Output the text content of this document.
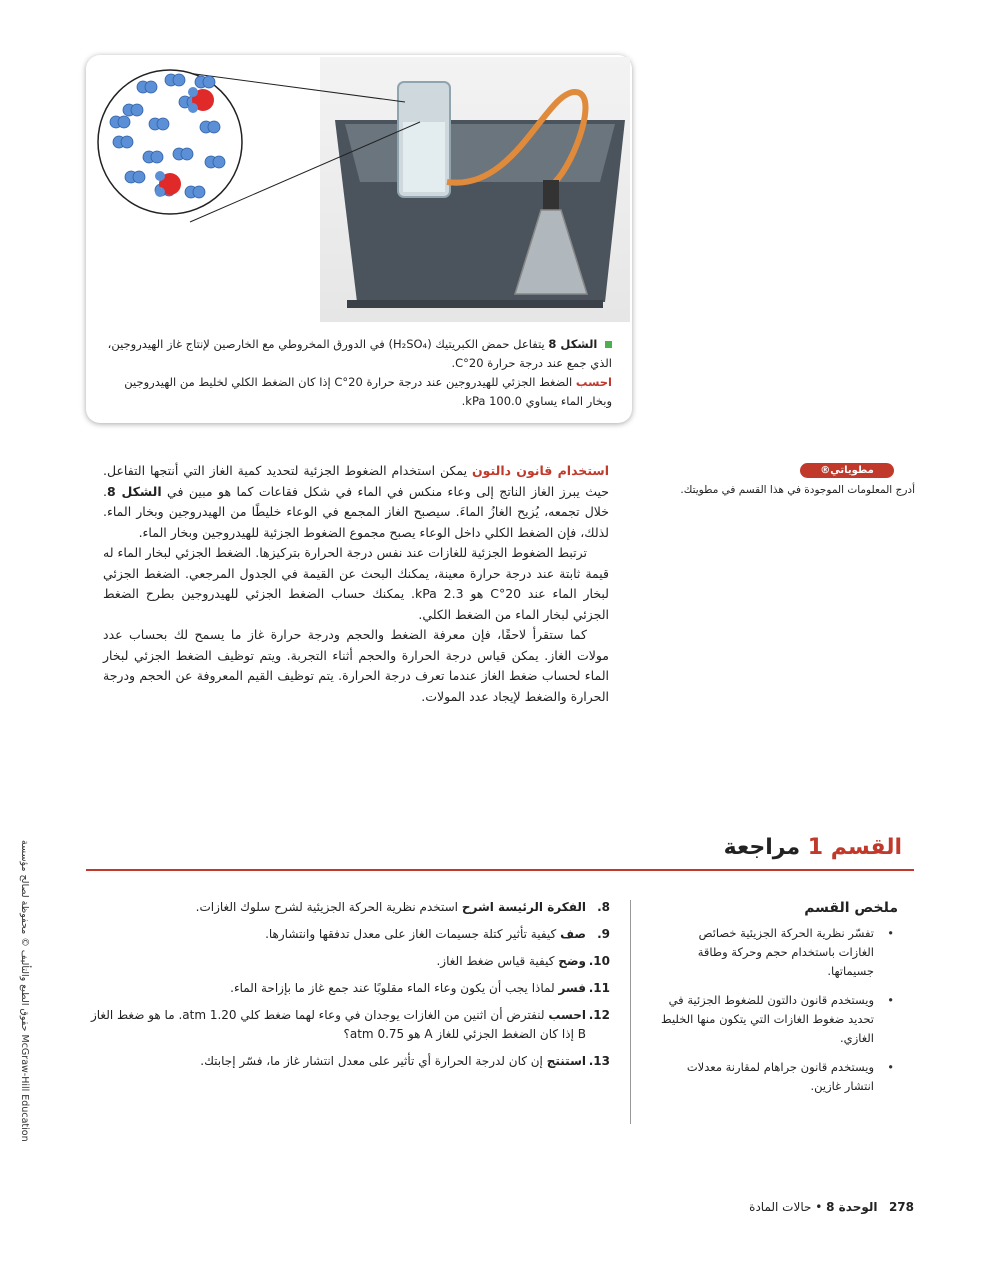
الشكل 8 يتفاعل حمض الكبريتيك (H₂SO₄) في الدورق المخروطي مع الخارصين لإنتاج غاز الهيدروجين، الذي جمع عند درجة حرارة 20°C.
احسب الضغط الجزئي للهيدروجين عند درجة حرارة 20°C إذا كان الضغط الكلي لخليط من الهيدروجين وبخار الماء يساوي 100.0 kPa.
مطوياتي®
أدرج المعلومات الموجودة في هذا القسم في مطويتك.

استخدام قانون دالتون يمكن استخدام الضغوط الجزئية لتحديد كمية الغاز التي أنتجها التفاعل. حيث يبرز الغاز الناتج إلى وعاء منكس في الماء في شكل فقاعات كما هو مبين في الشكل 8. خلال تجمعه، يُزيح الغازُ الماءَ. سيصبح الغاز المجمع في الوعاء خليطًا من الهيدروجين وبخار الماء. لذلك، فإن الضغط الكلي داخل الوعاء يصبح مجموع الضغوط الجزئية للهيدروجين وبخار الماء.

ترتبط الضغوط الجزئية للغازات عند نفس درجة الحرارة بتركيزها. الضغط الجزئي لبخار الماء له قيمة ثابتة عند درجة حرارة معينة، يمكنك البحث عن القيمة في الجدول المرجعي. الضغط الجزئي لبخار الماء عند 20°C هو 2.3 kPa. يمكنك حساب الضغط الجزئي للهيدروجين بطرح الضغط الجزئي لبخار الماء من الضغط الكلي.

كما ستقرأ لاحقًا، فإن معرفة الضغط والحجم ودرجة حرارة غاز ما يسمح لك بحساب عدد مولات الغاز. يمكن قياس درجة الحرارة والحجم أثناء التجربة. ويتم توظيف الضغط الجزئي لبخار الماء لحساب ضغط الغاز عندما تعرف درجة الحرارة. يتم توظيف القيم المعروفة عن الحجم ودرجة الحرارة والضغط لإيجاد عدد المولات.

القسم 1 مراجعة
ملخص القسم
• تفسّر نظرية الحركة الجزيئية خصائص الغازات باستخدام حجم وحركة وطاقة جسيماتها.
• ويستخدم قانون دالتون للضغوط الجزئية في تحديد ضغوط الغازات التي يتكون منها الخليط الغازي.
• ويستخدم قانون جراهام لمقارنة معدلات انتشار غازين.
8.
الفكرة الرئيسة اشرح استخدم نظرية الحركة الجزيئية لشرح سلوك الغازات.
9.
صف كيفية تأثير كتلة جسيمات الغاز على معدل تدفقها وانتشارها.
10.
وضح كيفية قياس ضغط الغاز.
11.
فسر لماذا يجب أن يكون وعاء الماء مقلوبًا عند جمع غاز ما بإزاحة الماء.
12.
احسب لنفترض أن اثنين من الغازات يوجدان في وعاء لهما ضغط كلي 1.20 atm. ما هو ضغط الغاز B إذا كان الضغط الجزئي للغاز A هو 0.75 atm؟
13.
استنتج إن كان لدرجة الحرارة أي تأثير على معدل انتشار غاز ما، فسّر إجابتك.
حقوق الطبع والتأليف © محفوظة لصالح مؤسسة McGraw-Hill Education
278   الوحدة 8 • حالات المادة
